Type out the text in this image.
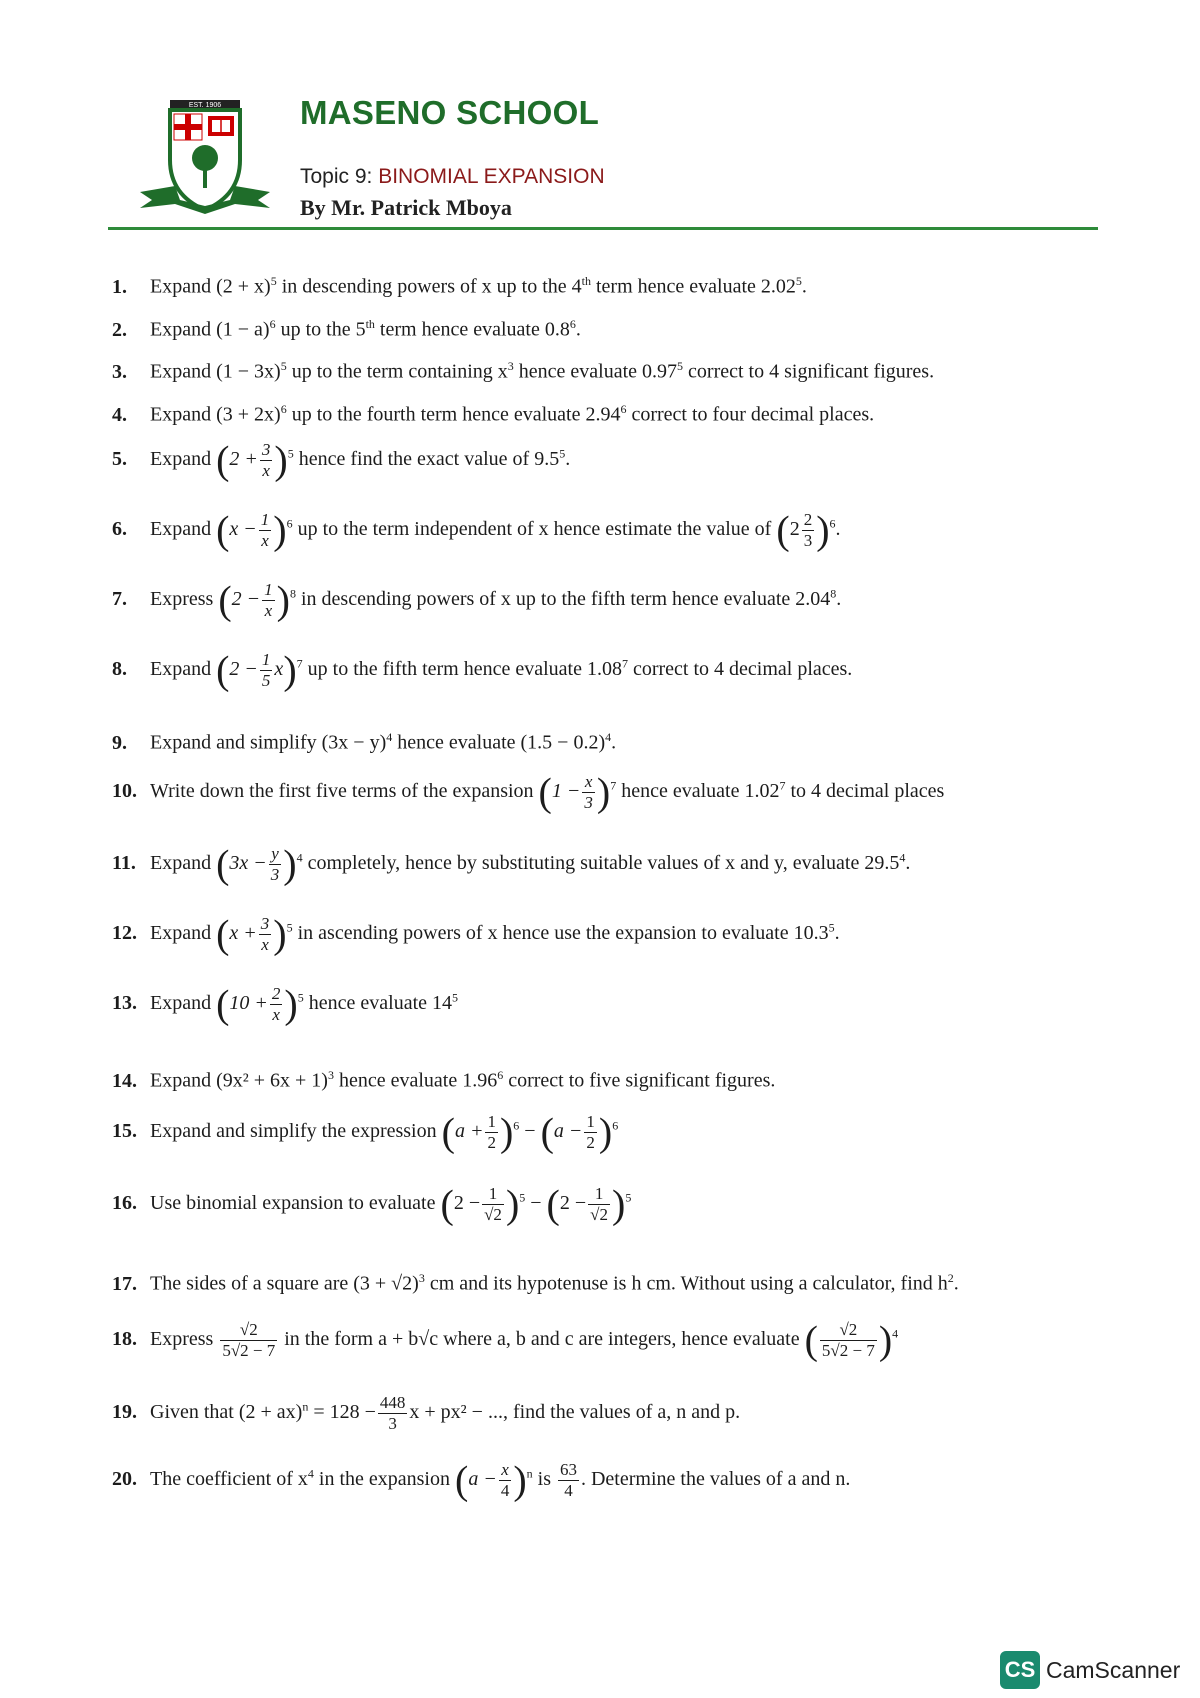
EST. 1906 MASENO SCHOOL
Topic 9: BINOMIAL EXPANSION
By Mr. Patrick Mboya
1. Expand $(2 + x)^5$ in descending powers of x up to the 4th term hence evaluate 2.02$^5$.
2. Expand $(1 - a)^6$ up to the 5th term hence evaluate $0.8^6$.
3. Expand $(1 - 3x)^5$ up to the term containing $x^3$ hence evaluate 0.97$^5$ correct to 4 significant figures.
4. Expand $(3 + 2x)^6$ up to the fourth term hence evaluate 2.94$^6$ correct to four decimal places.
5. Expand $(2 + \frac{3}{x} )^5$ hence find the exact value of $9.5^5$.
6. Expand $(x - \frac{1}{x} )^6$ up to the term independent of x hence estimate the value of $(2 \frac{2}{3} )^6$.
7. Express $(2 - \frac{1}{x} )^8$ in descending powers of x up to the fifth term hence evaluate 2.04$^8$.
8. Expand $(2 - \frac{1}{5} x)^7$ up to the fifth term hence evaluate 1.08$^7$ correct to 4 decimal places.
9. Expand and simplify $(3x - y)^4$ hence evaluate $(1.5 - 0.2)^4$.
10. Write down the first five terms of the expansion $(1 - \frac{x}{3} )^7$ hence evaluate 1.02$^7$ to 4 decimal places
11. Expand $(3x - \frac{y}{3} )^4$ completely, hence by substituting suitable values of x and y, evaluate 29.5$^4$.
12. Expand $(x + \frac{3}{x} )^5$ in ascending powers of x hence use the expansion to evaluate 10.3$^5$.
13. Expand $(10 + \frac{2}{x} )^5$ hence evaluate $14^5$
14. Expand $(9x^2 + 6x + 1)^3$ hence evaluate 1.96$^6$ correct to five significant figures.
15. Expand and simplify the expression $(a + \frac{1}{2} )^6 - (a - \frac{1}{2} )^6$
16. Use binomial expansion to evaluate $(2 - \frac{1}{√2} )^5 - (2 - \frac{1}{√2} )^5$
17. The sides of a square are $(3 + √2)^3$ cm and its hypotenuse is h cm. Without using a calculator, find $h^2$.
18. Express $\frac{√2}{5√2 - 7}$ in the form a + b√c where a, b and c are integers, hence evaluate ( $\frac{√2}{5√2 - 7} )^4$
19. Given that $(2 + ax)^n = 128 - \frac{448}{3}$ x + px² − ..., find the values of a, n and p.
20. The coefficient of $x^4$ in the expansion $(a - \frac{x}{4} )^n$ is $\frac{63}{4}$ . Determine the values of a and n.
CS CamScanner
